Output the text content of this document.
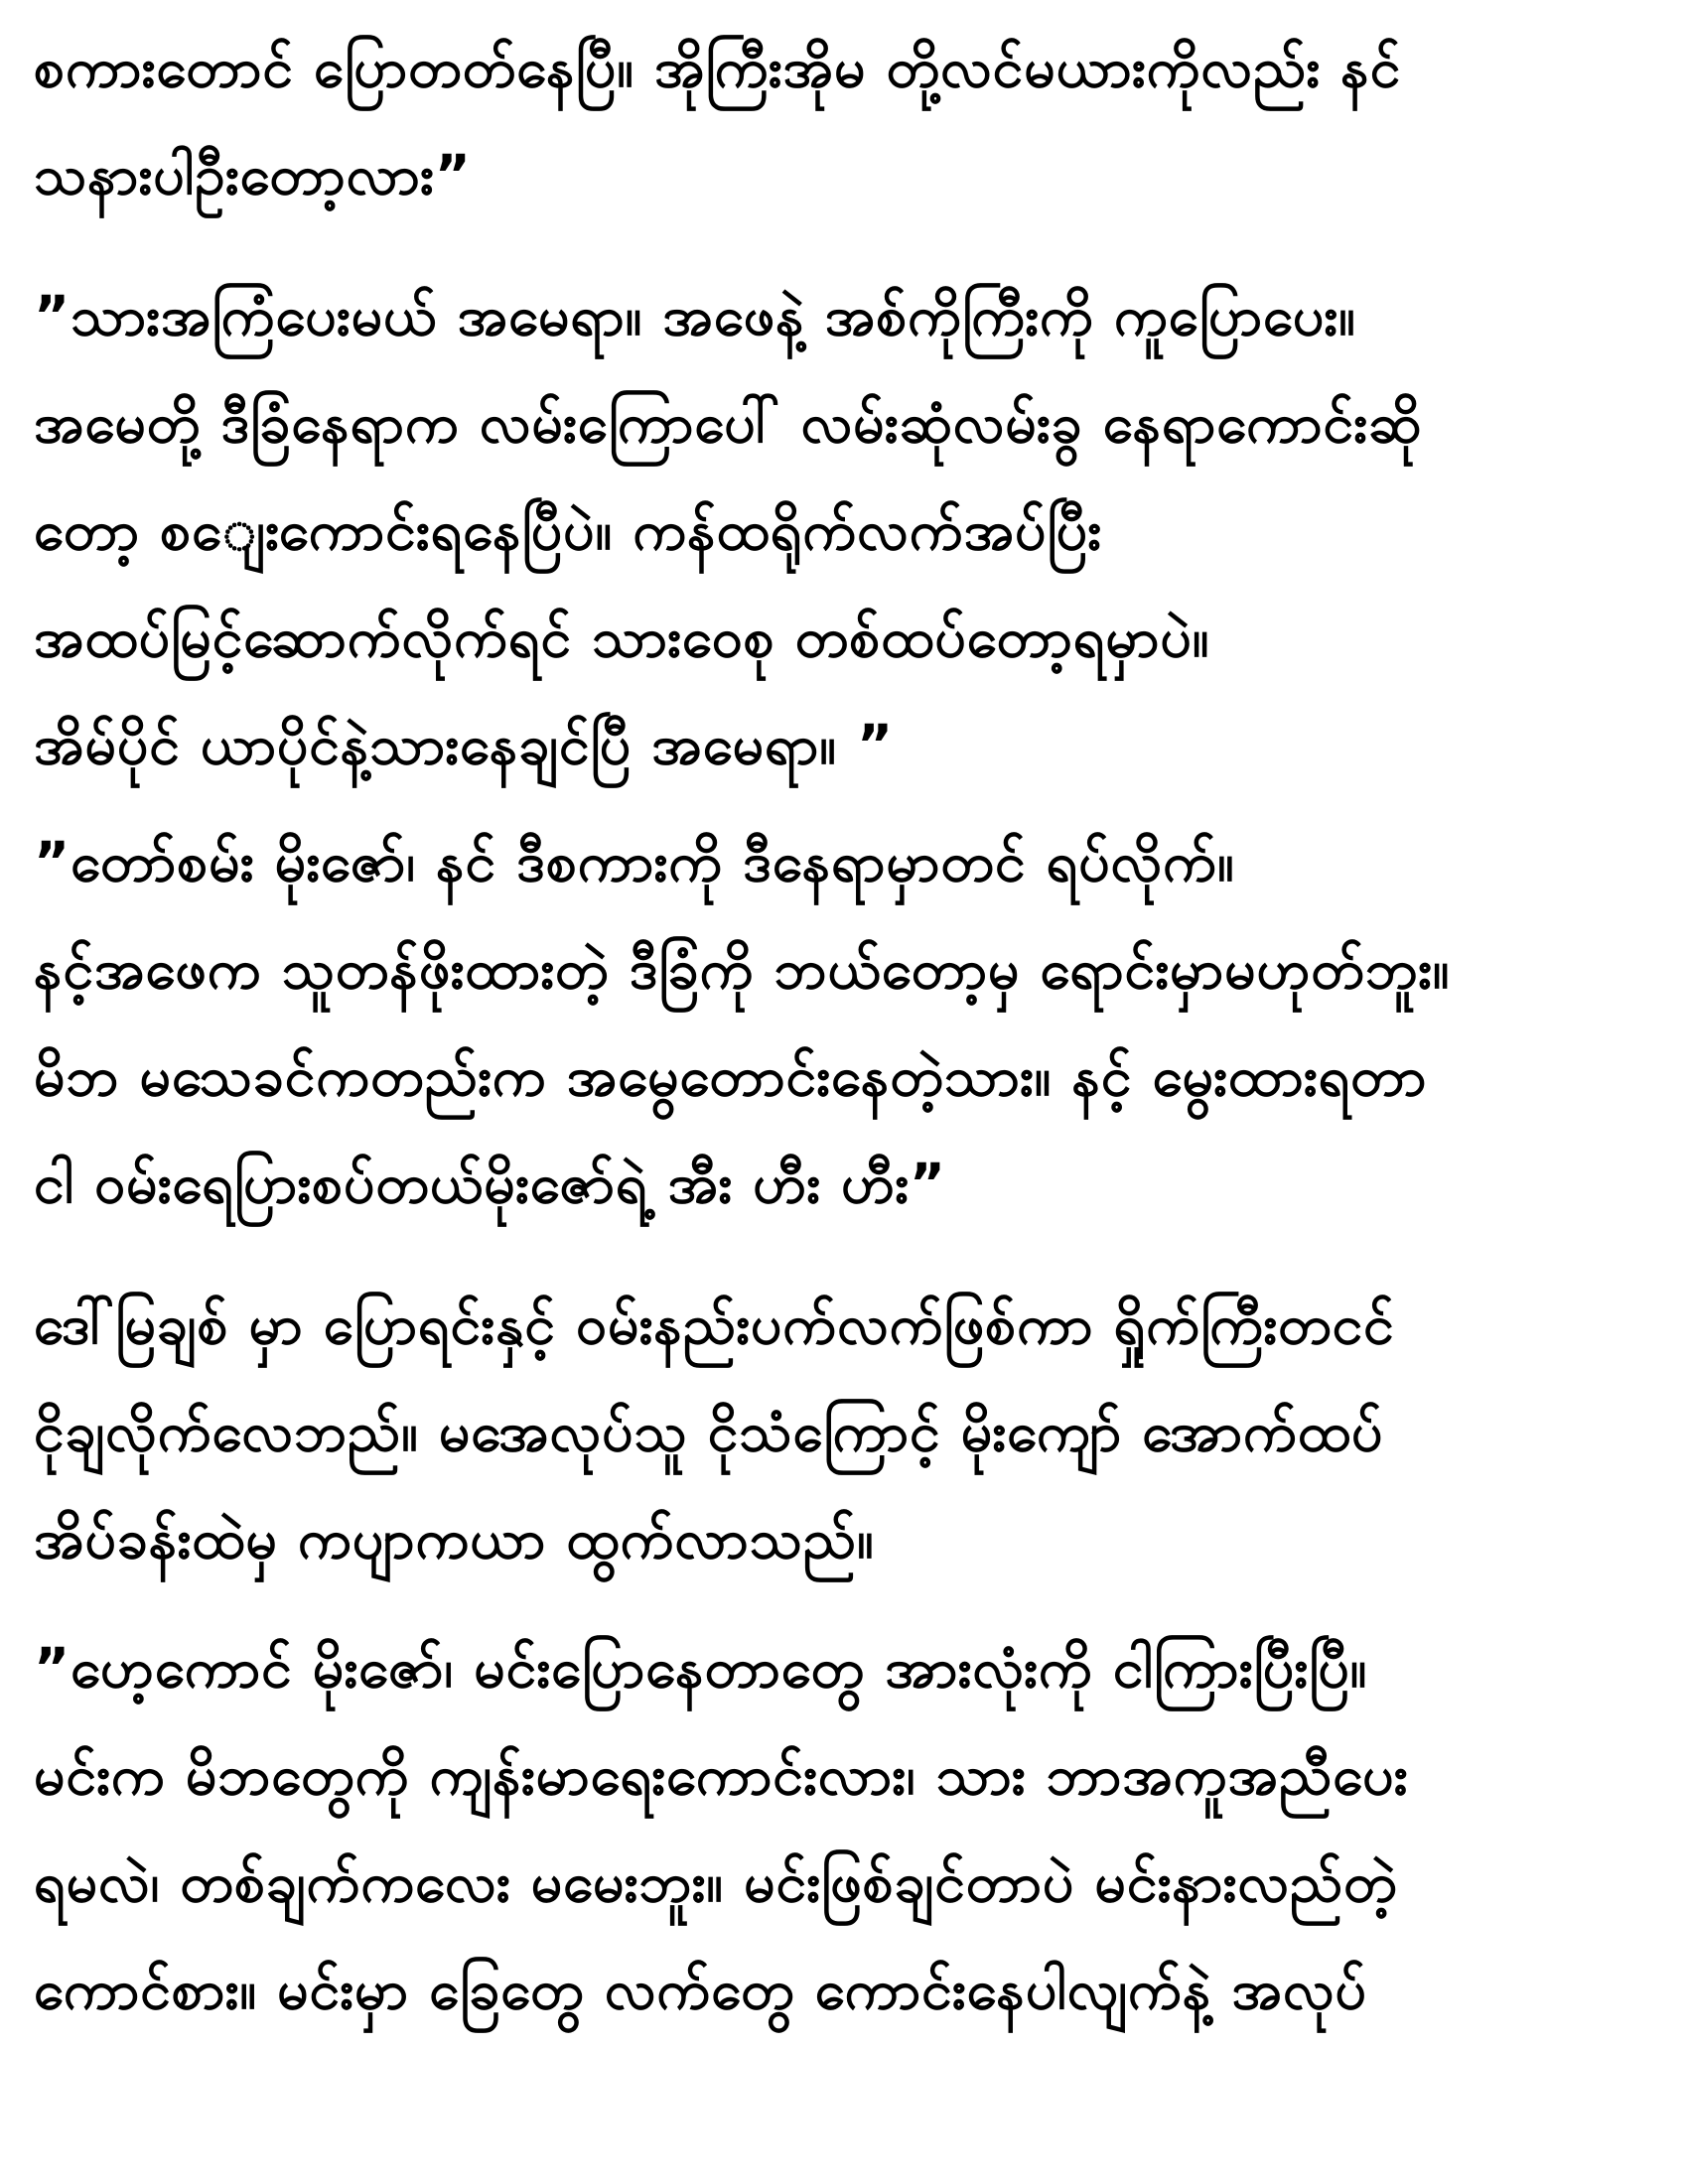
စကားတောင် ပြောတတ်နေပြီ။ အိုကြီးအိုမ တို့လင်မယားကိုလည်း နင်
သနားပါဦးတော့လား”
”သားအကြံပေးမယ် အမေရာ။ အဖေနဲ့ အစ်ကိုကြီးကို ကူပြောပေး။
အမေတို့ ဒီခြံနေရာက လမ်းကြောပေါ် လမ်းဆုံလမ်းခွ နေရာကောင်းဆို
တော့ စ​ျေးကောင်းရနေပြီပဲ။ ကန်ထရိုက်လက်အပ်ပြီး
အထပ်မြင့်ဆောက်လိုက်ရင် သားဝေစု တစ်ထပ်တော့ရမှာပဲ။
အိမ်ပိုင် ယာပိုင်နဲ့သားနေချင်ပြီ အမေရာ။ ”
”တော်စမ်း မိုးဇော်၊ နင် ဒီစကားကို ဒီနေရာမှာတင် ရပ်လိုက်။
နင့်အဖေက သူတန်ဖိုးထားတဲ့ ဒီခြံကို ဘယ်တော့မှ ရောင်းမှာမဟုတ်ဘူး။
မိဘ မသေခင်ကတည်းက အမွေတောင်းနေတဲ့သား။ နင့် မွေးထားရတာ
ငါ ဝမ်းရေပြားစပ်တယ်မိုးဇော်ရဲ့ အီး ဟီး ဟီး”
ဒေါ်မြချစ် မှာ ပြောရင်းနှင့် ဝမ်းနည်းပက်လက်ဖြစ်ကာ ရှိုက်ကြီးတငင်
ငိုချလိုက်လေဘည်။ မအေလုပ်သူ ငိုသံကြောင့် မိုးကျော် အောက်ထပ်
အိပ်ခန်းထဲမှ ကပျာကယာ ထွက်လာသည်။
”ဟေ့ကောင် မိုးဇော်၊ မင်းပြောနေတာတွေ အားလုံးကို ငါကြားပြီးပြီ။
မင်းက မိဘတွေကို ကျန်းမာရေးကောင်းလား၊ သား ဘာအကူအညီပေး
ရမလဲ၊ တစ်ချက်ကလေး မမေးဘူး။ မင်းဖြစ်ချင်တာပဲ မင်းနားလည်တဲ့
ကောင်စား။ မင်းမှာ ခြေတွေ လက်တွေ ကောင်းနေပါလျက်နဲ့ အလုပ်
